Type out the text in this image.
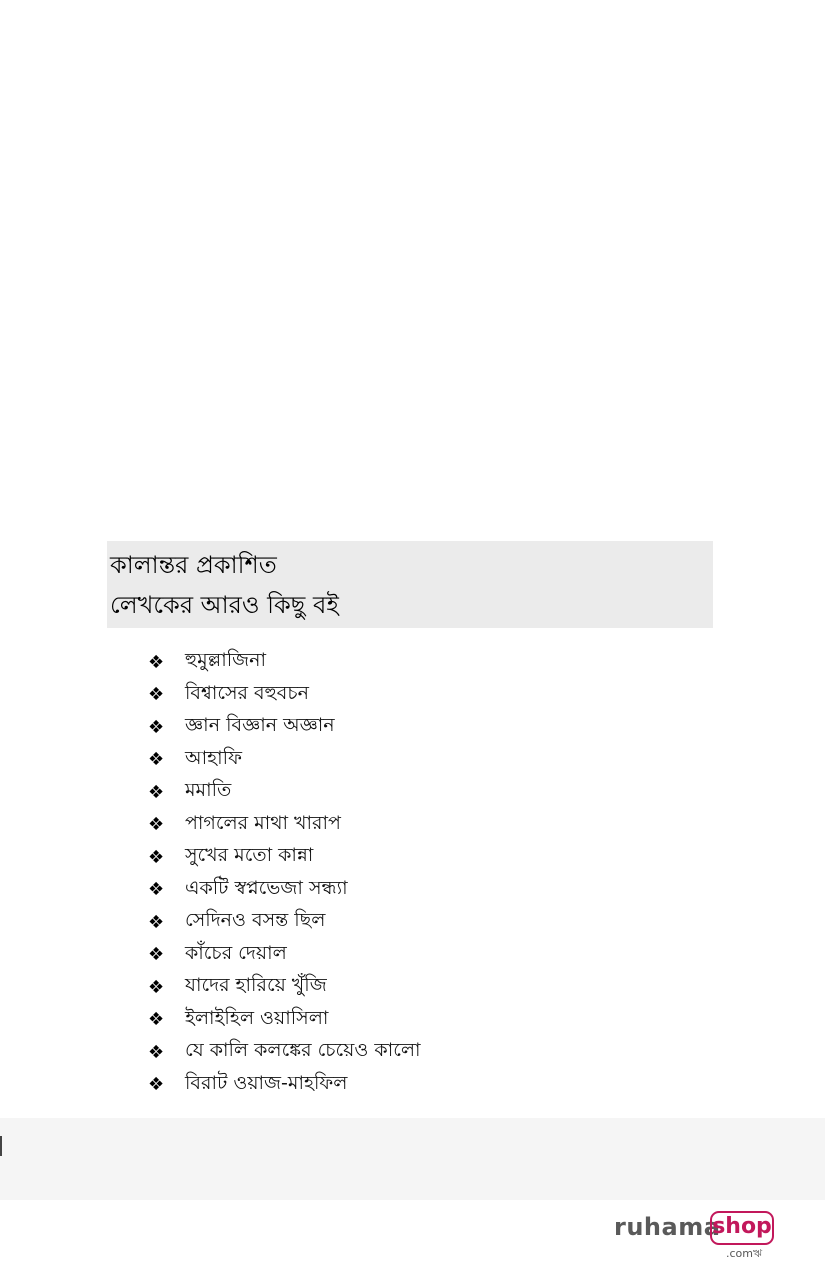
কালান্তর প্রকাশিত
লেখকের আরও কিছু বই
❖	হুমুল্লাজিনা
❖	বিশ্বাসের বহুবচন
❖	জ্ঞান বিজ্ঞান অজ্ঞান
❖	আহাফি
❖	মমাতি
❖	পাগলের মাথা খারাপ
❖	সুখের মতো কান্না
❖	একটি স্বপ্নভেজা সন্ধ্যা
❖	সেদিনও বসন্ত ছিল
❖	কাঁচের দেয়াল
❖	যাদের হারিয়ে খুঁজি
❖	ইলাইহিল ওয়াসিলা
❖	যে কালি কলঙ্কের চেয়েও কালো
❖	বিরাট ওয়াজ-মাহফিল
ruhama
shop
.comঋ
